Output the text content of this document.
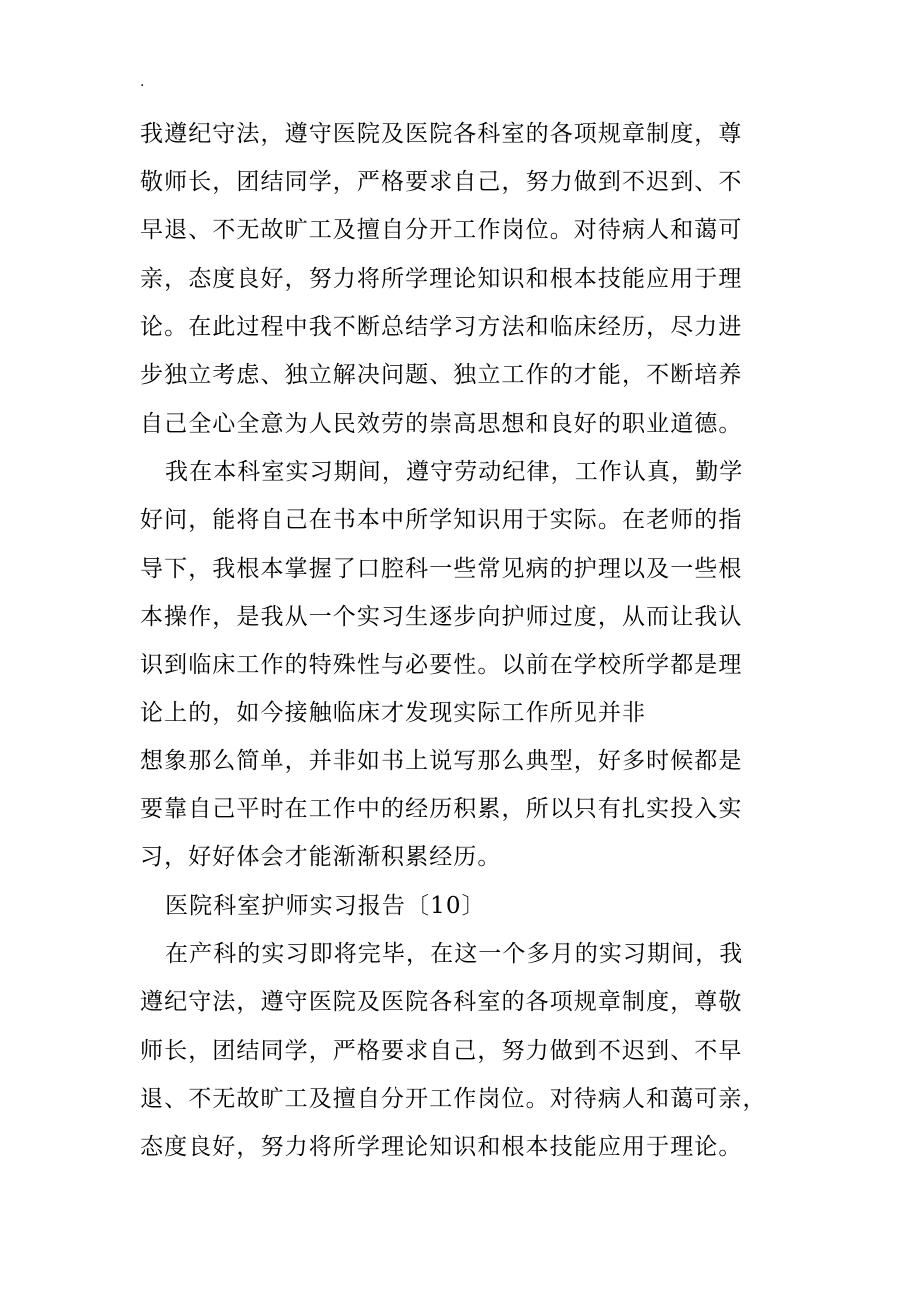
.
我遵纪守法，遵守医院及医院各科室的各项规章制度，尊
敬师长，团结同学，严格要求自己，努力做到不迟到、不
早退、不无故旷工及擅自分开工作岗位。对待病人和蔼可
亲，态度良好，努力将所学理论知识和根本技能应用于理
论。在此过程中我不断总结学习方法和临床经历，尽力进
步独立考虑、独立解决问题、独立工作的才能，不断培养
自己全心全意为人民效劳的崇高思想和良好的职业道德。
我在本科室实习期间，遵守劳动纪律，工作认真，勤学
好问，能将自己在书本中所学知识用于实际。在老师的指
导下，我根本掌握了口腔科一些常见病的护理以及一些根
本操作，是我从一个实习生逐步向护师过度，从而让我认
识到临床工作的特殊性与必要性。以前在学校所学都是理
论上的，如今接触临床才发现实际工作所见并非
想象那么简单，并非如书上说写那么典型，好多时候都是
要靠自己平时在工作中的经历积累，所以只有扎实投入实
习，好好体会才能渐渐积累经历。
医院科室护师实习报告〔10〕
在产科的实习即将完毕，在这一个多月的实习期间，我
遵纪守法，遵守医院及医院各科室的各项规章制度，尊敬
师长，团结同学，严格要求自己，努力做到不迟到、不早
退、不无故旷工及擅自分开工作岗位。对待病人和蔼可亲，
态度良好，努力将所学理论知识和根本技能应用于理论。
